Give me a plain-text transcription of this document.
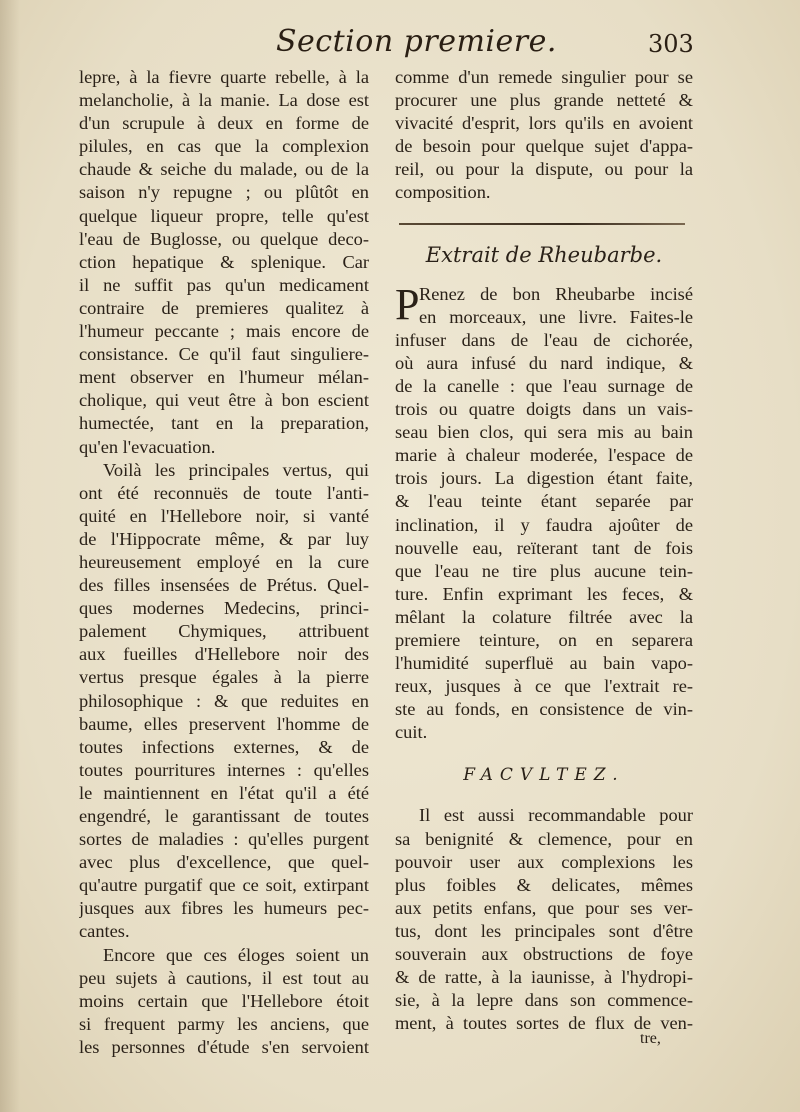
Section premiere.	303
lepre, à la fievre quarte rebelle, à la
melancholie, à la manie. La dose est
d'un scrupule à deux en forme de
pilules, en cas que la complexion
chaude & seiche du malade, ou de la
saison n'y repugne ; ou plûtôt en
quelque liqueur propre, telle qu'est
l'eau de Buglosse, ou quelque deco-
ction hepatique & splenique. Car
il ne suffit pas qu'un medicament
contraire de premieres qualitez à
l'humeur peccante ; mais encore de
consistance. Ce qu'il faut singuliere-
ment observer en l'humeur mélan-
cholique, qui veut être à bon escient
humectée, tant en la preparation,
qu'en l'evacuation.
Voilà les principales vertus, qui
ont été reconnuës de toute l'anti-
quité en l'Hellebore noir, si vanté
de l'Hippocrate même, & par luy
heureusement employé en la cure
des filles insensées de Prétus. Quel-
ques modernes Medecins, princi-
palement Chymiques, attribuent
aux fueilles d'Hellebore noir des
vertus presque égales à la pierre
philosophique : & que reduites en
baume, elles preservent l'homme de
toutes infections externes, & de
toutes pourritures internes : qu'elles
le maintiennent en l'état qu'il a été
engendré, le garantissant de toutes
sortes de maladies : qu'elles purgent
avec plus d'excellence, que quel-
qu'autre purgatif que ce soit, extirpant
jusques aux fibres les humeurs pec-
cantes.
Encore que ces éloges soient un
peu sujets à cautions, il est tout au
moins certain que l'Hellebore étoit
si frequent parmy les anciens, que
les personnes d'étude s'en servoient
comme d'un remede singulier pour se
procurer une plus grande netteté &
vivacité d'esprit, lors qu'ils en avoient
de besoin pour quelque sujet d'appa-
reil, ou pour la dispute, ou pour la
composition.
Extrait de Rheubarbe.
P Renez de bon Rheubarbe incisé
en morceaux, une livre. Faites-le
infuser dans de l'eau de cichorée,
où aura infusé du nard indique, &
de la canelle : que l'eau surnage de
trois ou quatre doigts dans un vais-
seau bien clos, qui sera mis au bain
marie à chaleur moderée, l'espace de
trois jours. La digestion étant faite,
& l'eau teinte étant separée par
inclination, il y faudra ajoûter de
nouvelle eau, reïterant tant de fois
que l'eau ne tire plus aucune tein-
ture. Enfin exprimant les feces, &
mêlant la colature filtrée avec la
premiere teinture, on en separera
l'humidité superfluë au bain vapo-
reux, jusques à ce que l'extrait re-
ste au fonds, en consistence de vin-
cuit.
FACVLTEZ.
Il est aussi recommandable pour
sa benignité & clemence, pour en
pouvoir user aux complexions les
plus foibles & delicates, mêmes
aux petits enfans, que pour ses ver-
tus, dont les principales sont d'être
souverain aux obstructions de foye
& de ratte, à la iaunisse, à l'hydropi-
sie, à la lepre dans son commence-
ment, à toutes sortes de flux de ven-
tre,
